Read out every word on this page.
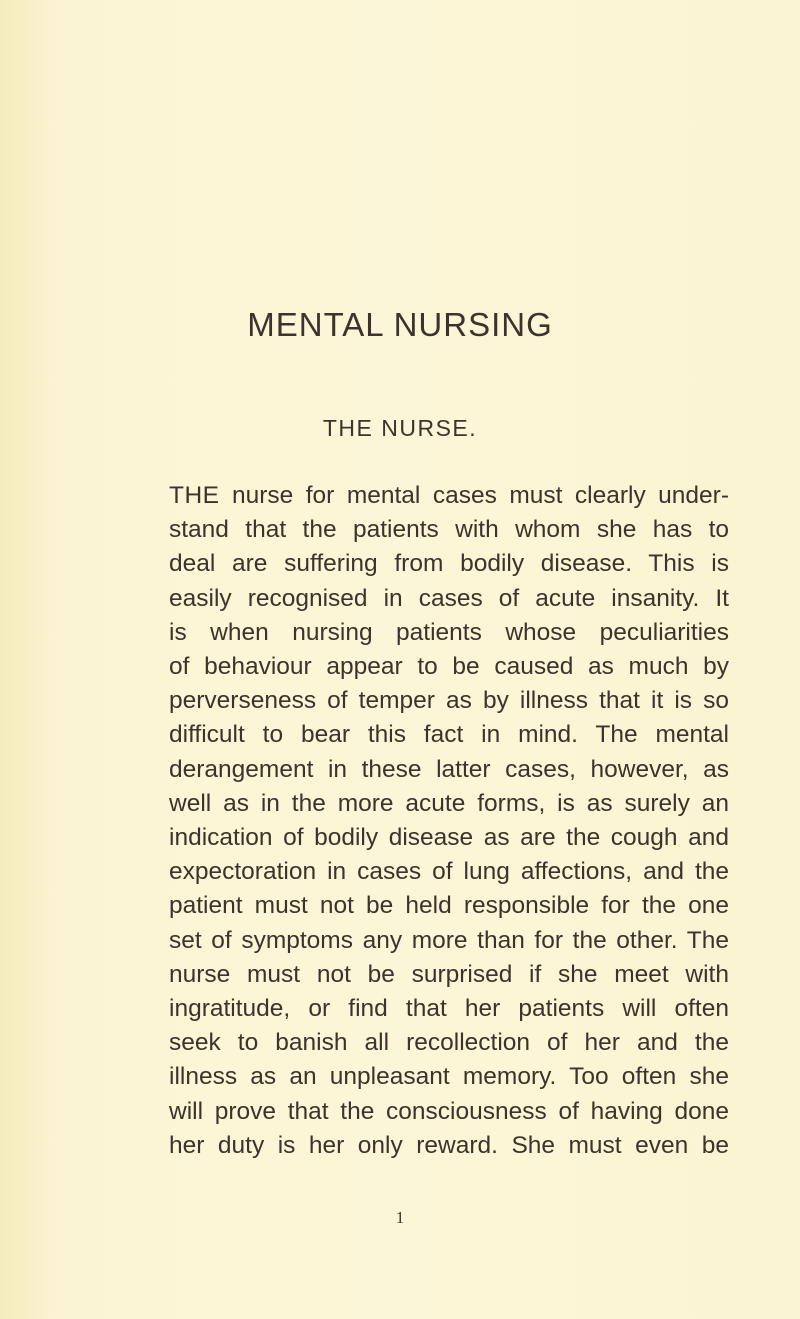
MENTAL NURSING
THE NURSE.
THE nurse for mental cases must clearly under-
stand that the patients with whom she has to
deal are suffering from bodily disease. This is
easily recognised in cases of acute insanity. It
is when nursing patients whose peculiarities
of behaviour appear to be caused as much by
perverseness of temper as by illness that it is so
difficult to bear this fact in mind. The mental
derangement in these latter cases, however, as
well as in the more acute forms, is as surely an
indication of bodily disease as are the cough and
expectoration in cases of lung affections, and the
patient must not be held responsible for the one
set of symptoms any more than for the other. The
nurse must not be surprised if she meet with
ingratitude, or find that her patients will often
seek to banish all recollection of her and the
illness as an unpleasant memory. Too often she
will prove that the consciousness of having done
her duty is her only reward. She must even be
1
